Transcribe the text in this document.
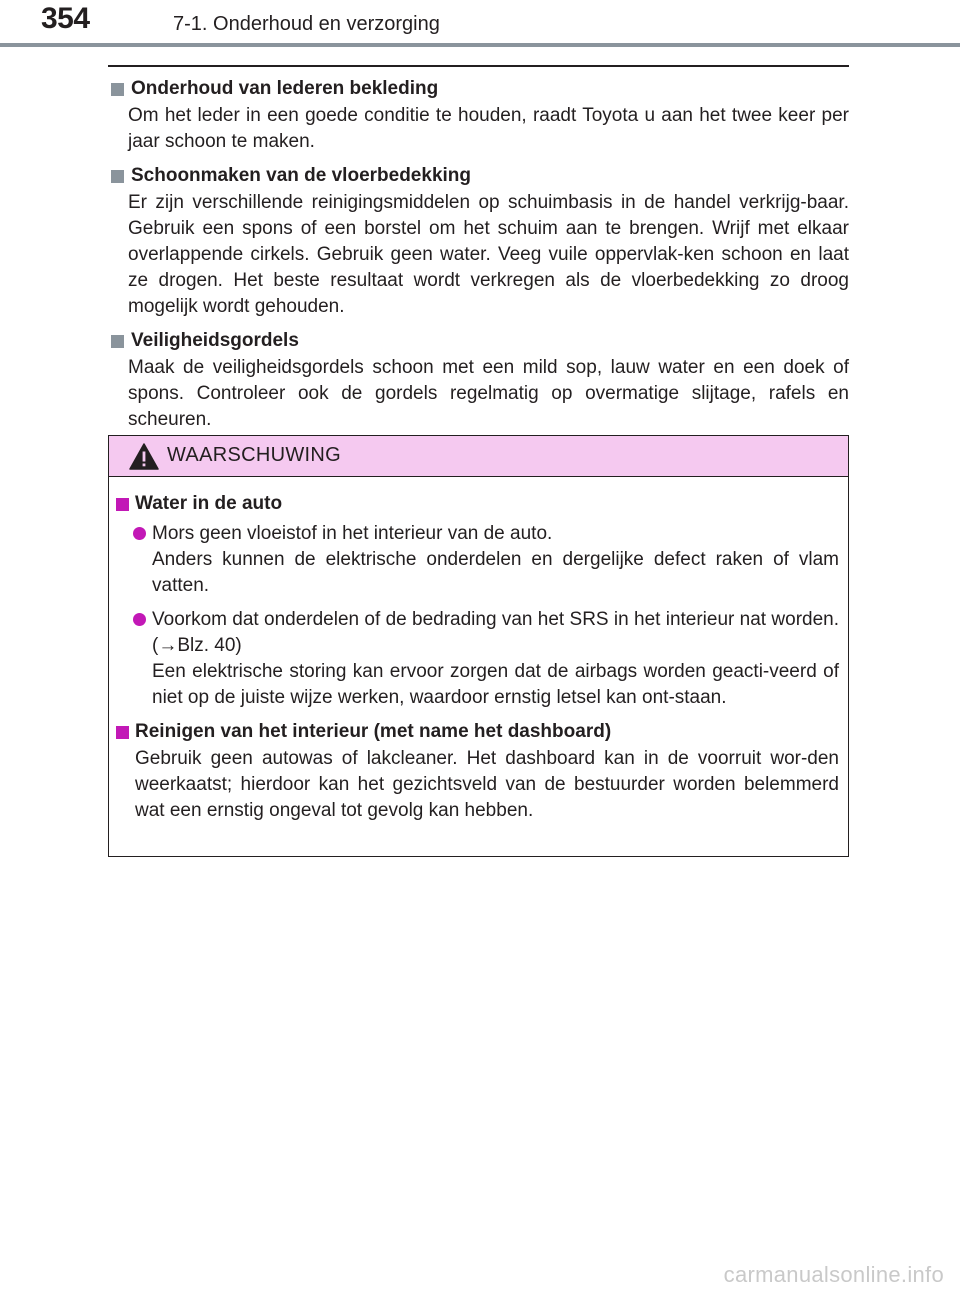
354	7-1. Onderhoud en verzorging
Onderhoud van lederen bekleding
Om het leder in een goede conditie te houden, raadt Toyota u aan het twee keer per jaar schoon te maken.
Schoonmaken van de vloerbedekking
Er zijn verschillende reinigingsmiddelen op schuimbasis in de handel verkrijg-baar. Gebruik een spons of een borstel om het schuim aan te brengen. Wrijf met elkaar overlappende cirkels. Gebruik geen water. Veeg vuile oppervlak-ken schoon en laat ze drogen. Het beste resultaat wordt verkregen als de vloerbedekking zo droog mogelijk wordt gehouden.
Veiligheidsgordels
Maak de veiligheidsgordels schoon met een mild sop, lauw water en een doek of spons. Controleer ook de gordels regelmatig op overmatige slijtage, rafels en scheuren.
WAARSCHUWING
Water in de auto
Mors geen vloeistof in het interieur van de auto.
Anders kunnen de elektrische onderdelen en dergelijke defect raken of vlam vatten.
Voorkom dat onderdelen of de bedrading van het SRS in het interieur nat worden. (→Blz. 40)
Een elektrische storing kan ervoor zorgen dat de airbags worden geacti-veerd of niet op de juiste wijze werken, waardoor ernstig letsel kan ont-staan.
Reinigen van het interieur (met name het dashboard)
Gebruik geen autowas of lakcleaner. Het dashboard kan in de voorruit wor-den weerkaatst; hierdoor kan het gezichtsveld van de bestuurder worden belemmerd wat een ernstig ongeval tot gevolg kan hebben.
carmanualsonline.info
